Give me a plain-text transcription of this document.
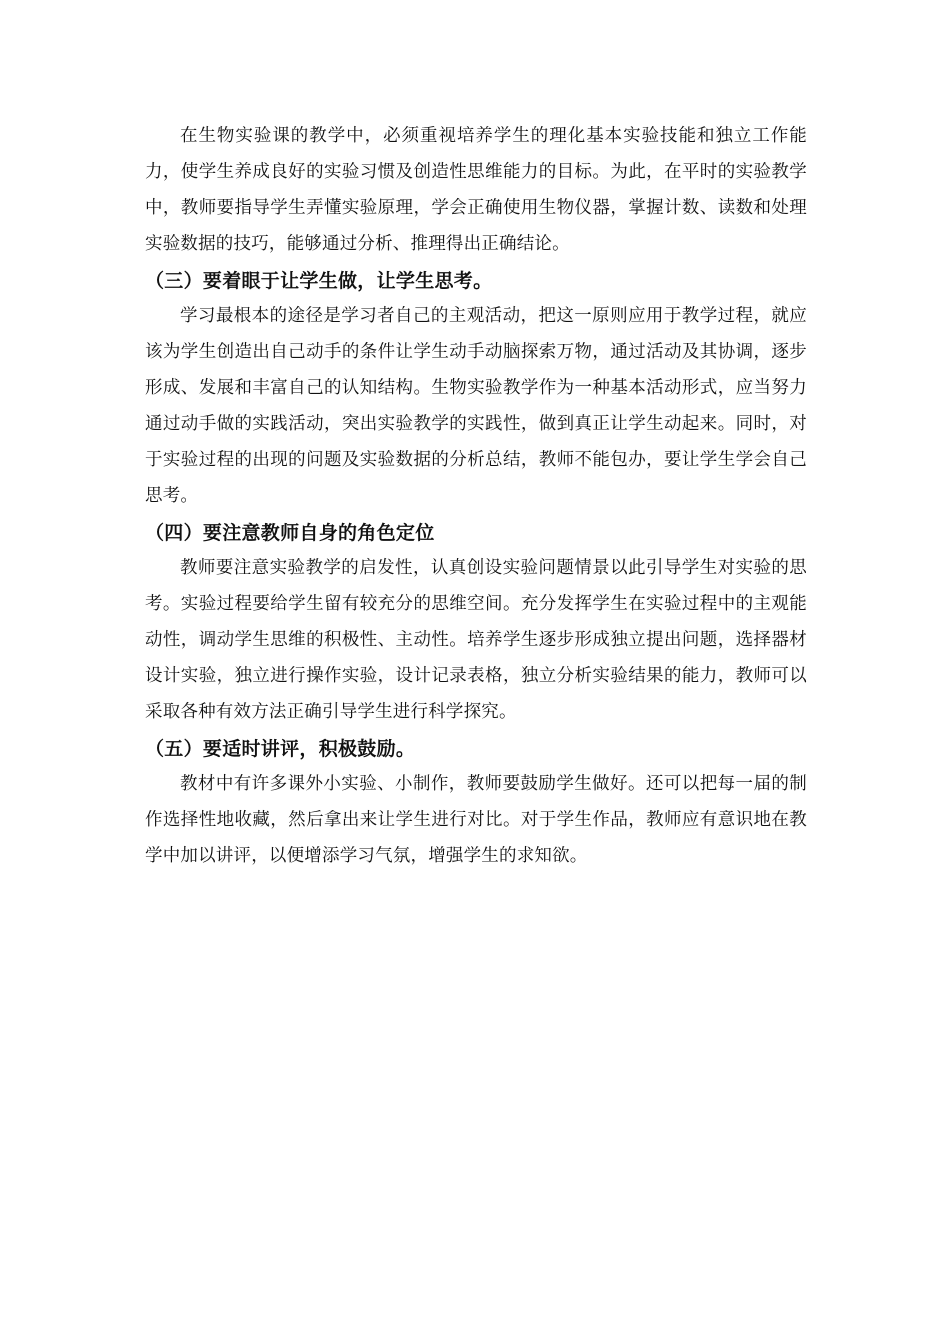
在生物实验课的教学中，必须重视培养学生的理化基本实验技能和独立工作能力，使学生养成良好的实验习惯及创造性思维能力的目标。为此，在平时的实验教学中，教师要指导学生弄懂实验原理，学会正确使用生物仪器，掌握计数、读数和处理实验数据的技巧，能够通过分析、推理得出正确结论。

（三）要着眼于让学生做，让学生思考。

学习最根本的途径是学习者自己的主观活动，把这一原则应用于教学过程，就应该为学生创造出自己动手的条件让学生动手动脑探索万物，通过活动及其协调，逐步形成、发展和丰富自己的认知结构。生物实验教学作为一种基本活动形式，应当努力通过动手做的实践活动，突出实验教学的实践性，做到真正让学生动起来。同时，对于实验过程的出现的问题及实验数据的分析总结，教师不能包办，要让学生学会自己思考。

（四）要注意教师自身的角色定位

教师要注意实验教学的启发性，认真创设实验问题情景以此引导学生对实验的思考。实验过程要给学生留有较充分的思维空间。充分发挥学生在实验过程中的主观能动性，调动学生思维的积极性、主动性。培养学生逐步形成独立提出问题，选择器材设计实验，独立进行操作实验，设计记录表格，独立分析实验结果的能力，教师可以采取各种有效方法正确引导学生进行科学探究。

（五）要适时讲评，积极鼓励。

教材中有许多课外小实验、小制作，教师要鼓励学生做好。还可以把每一届的制作选择性地收藏，然后拿出来让学生进行对比。对于学生作品，教师应有意识地在教学中加以讲评，以便增添学习气氛，增强学生的求知欲。
